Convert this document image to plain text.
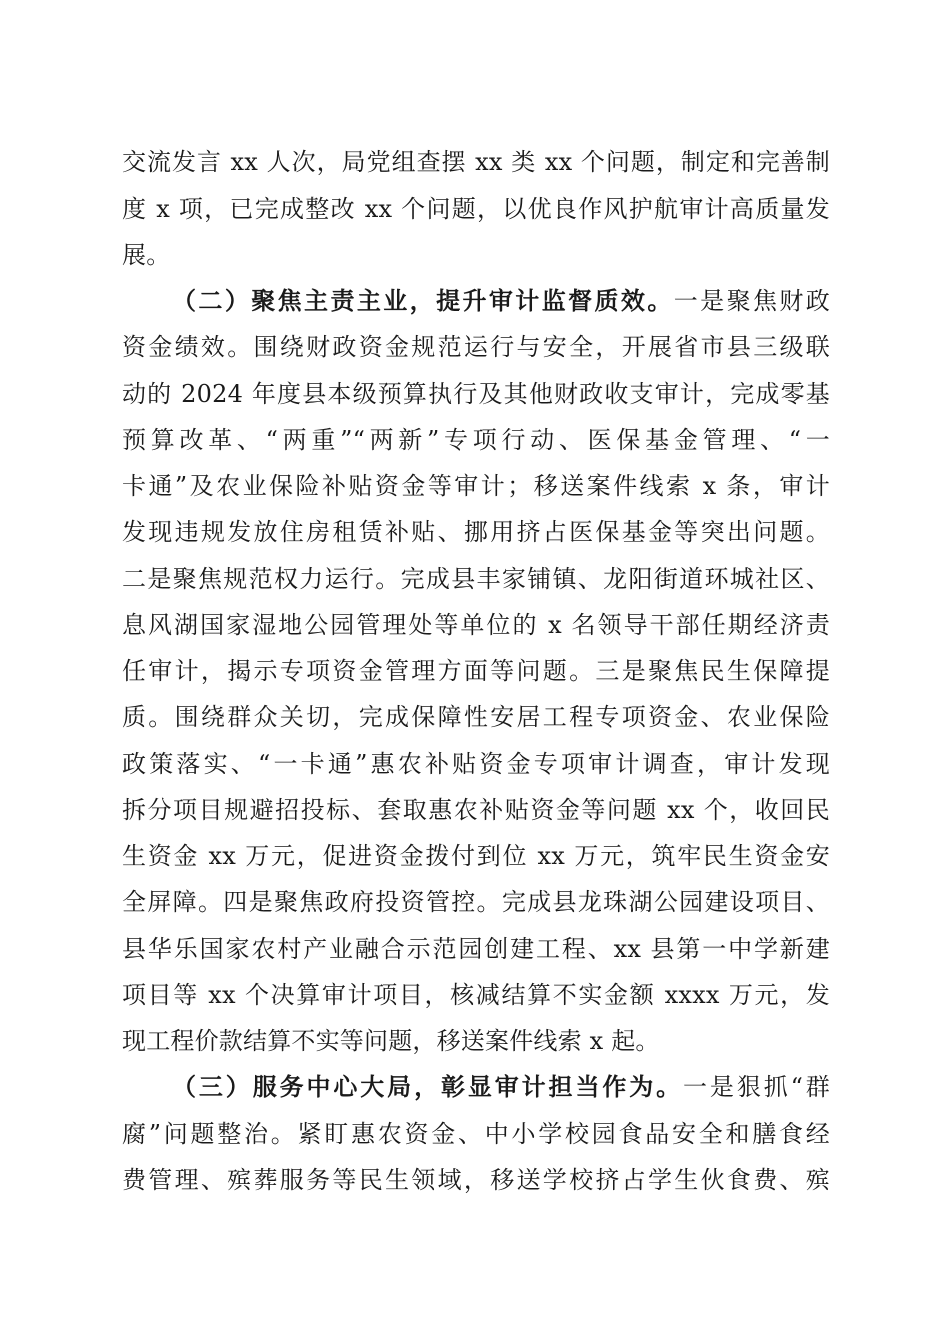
交流发言 xx 人次，局党组查摆 xx 类 xx 个问题，制定和完善制
度 x 项，已完成整改 xx 个问题，以优良作风护航审计高质量发
展。
（二）聚焦主责主业，提升审计监督质效。一是聚焦财政
资金绩效。围绕财政资金规范运行与安全，开展省市县三级联
动的 2024 年度县本级预算执行及其他财政收支审计，完成零基
预算改革、“两重”“两新”专项行动、医保基金管理、“一
卡通”及农业保险补贴资金等审计；移送案件线索 x 条，审计
发现违规发放住房租赁补贴、挪用挤占医保基金等突出问题。
二是聚焦规范权力运行。完成县丰家铺镇、龙阳街道环城社区、
息风湖国家湿地公园管理处等单位的 x 名领导干部任期经济责
任审计，揭示专项资金管理方面等问题。三是聚焦民生保障提
质。围绕群众关切，完成保障性安居工程专项资金、农业保险
政策落实、“一卡通”惠农补贴资金专项审计调查，审计发现
拆分项目规避招投标、套取惠农补贴资金等问题 xx 个，收回民
生资金 xx 万元，促进资金拨付到位 xx 万元，筑牢民生资金安
全屏障。四是聚焦政府投资管控。完成县龙珠湖公园建设项目、
县华乐国家农村产业融合示范园创建工程、xx 县第一中学新建
项目等 xx 个决算审计项目，核减结算不实金额 xxxx 万元，发
现工程价款结算不实等问题，移送案件线索 x 起。
（三）服务中心大局，彰显审计担当作为。一是狠抓“群
腐”问题整治。紧盯惠农资金、中小学校园食品安全和膳食经
费管理、殡葬服务等民生领域，移送学校挤占学生伙食费、殡
